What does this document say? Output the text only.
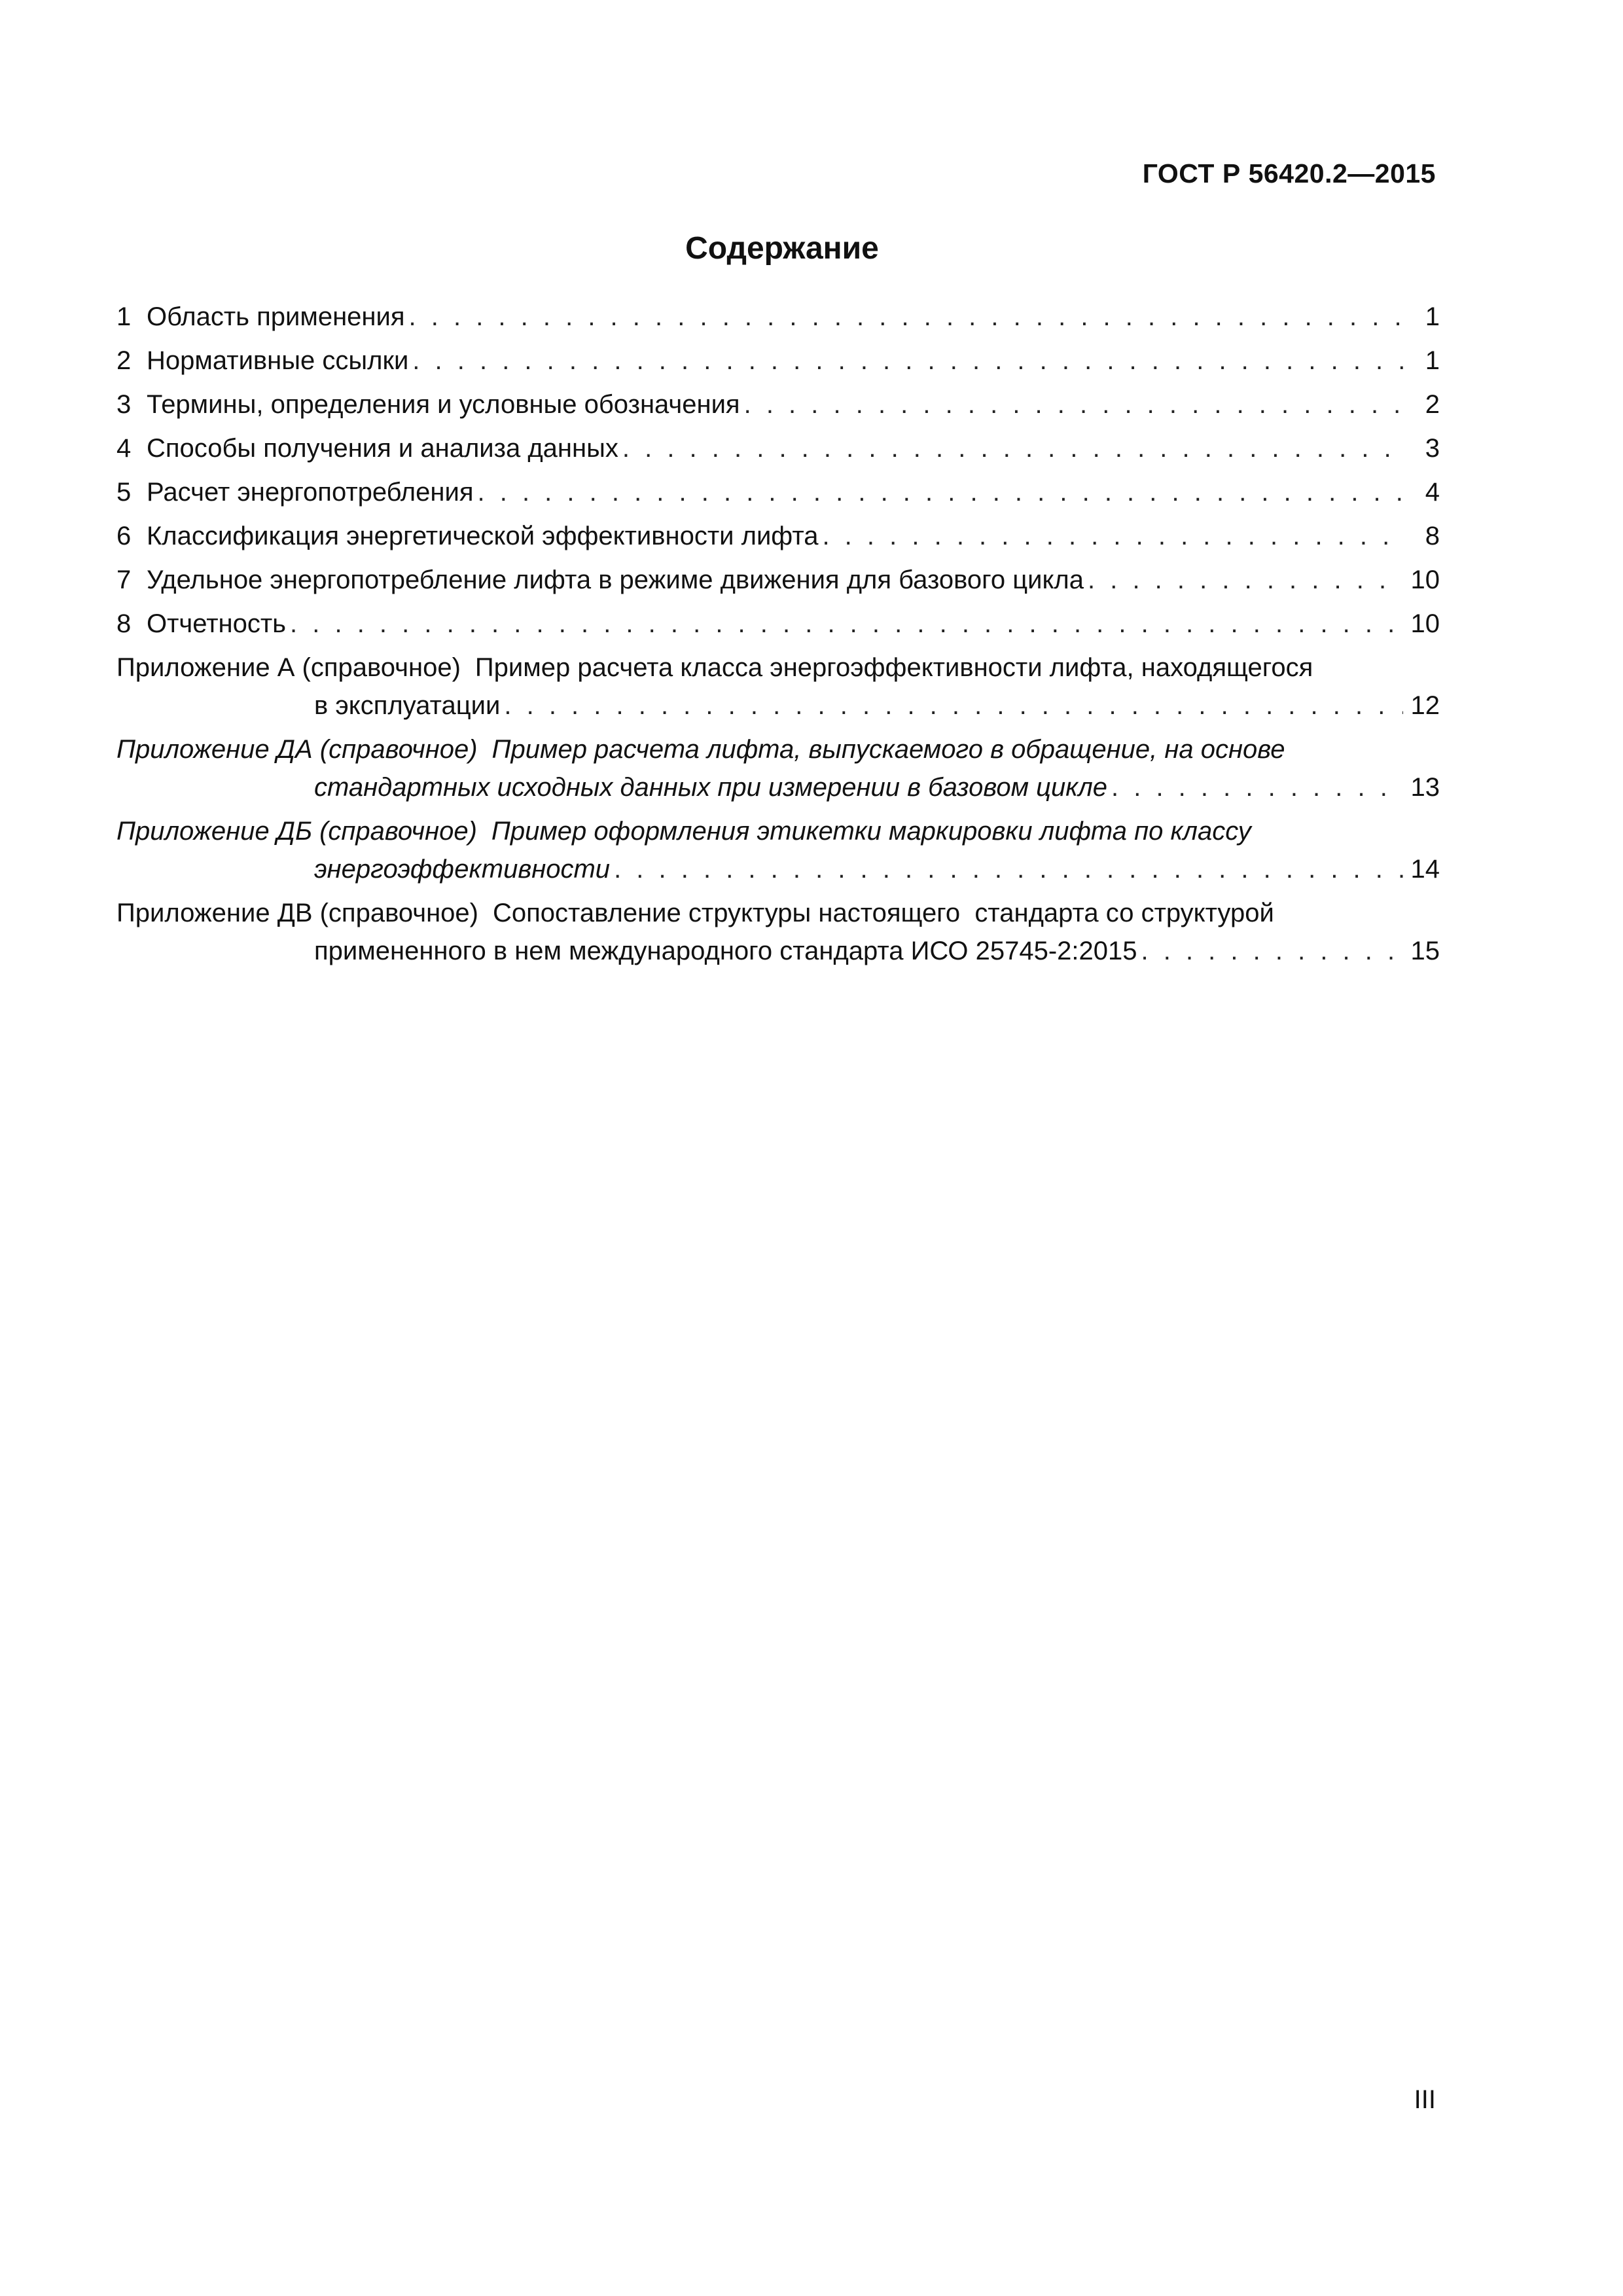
ГОСТ Р 56420.2—2015
Содержание
1 Область применения . . .	1
2 Нормативные ссылки . . .	1
3 Термины, определения и условные обозначения . . .	2
4 Способы получения и анализа данных . . .	3
5 Расчет энергопотребления . . .	4
6 Классификация энергетической эффективности лифта . . .	8
7 Удельное энергопотребление лифта в режиме движения для базового цикла . . .	10
8 Отчетность . . .	10
Приложение А (справочное) Пример расчета класса энергоэффективности лифта, находящегося
в эксплуатации . . .	12
Приложение ДА (справочное) Пример расчета лифта, выпускаемого в обращение, на основе
стандартных исходных данных при измерении в базовом цикле . . .	13
Приложение ДБ (справочное) Пример оформления этикетки маркировки лифта по классу
энергоэффективности . . .	14
Приложение ДВ (справочное) Сопоставление структуры настоящего  стандарта со структурой
примененного в нем международного стандарта ИСО 25745-2:2015 . . .	15
III
